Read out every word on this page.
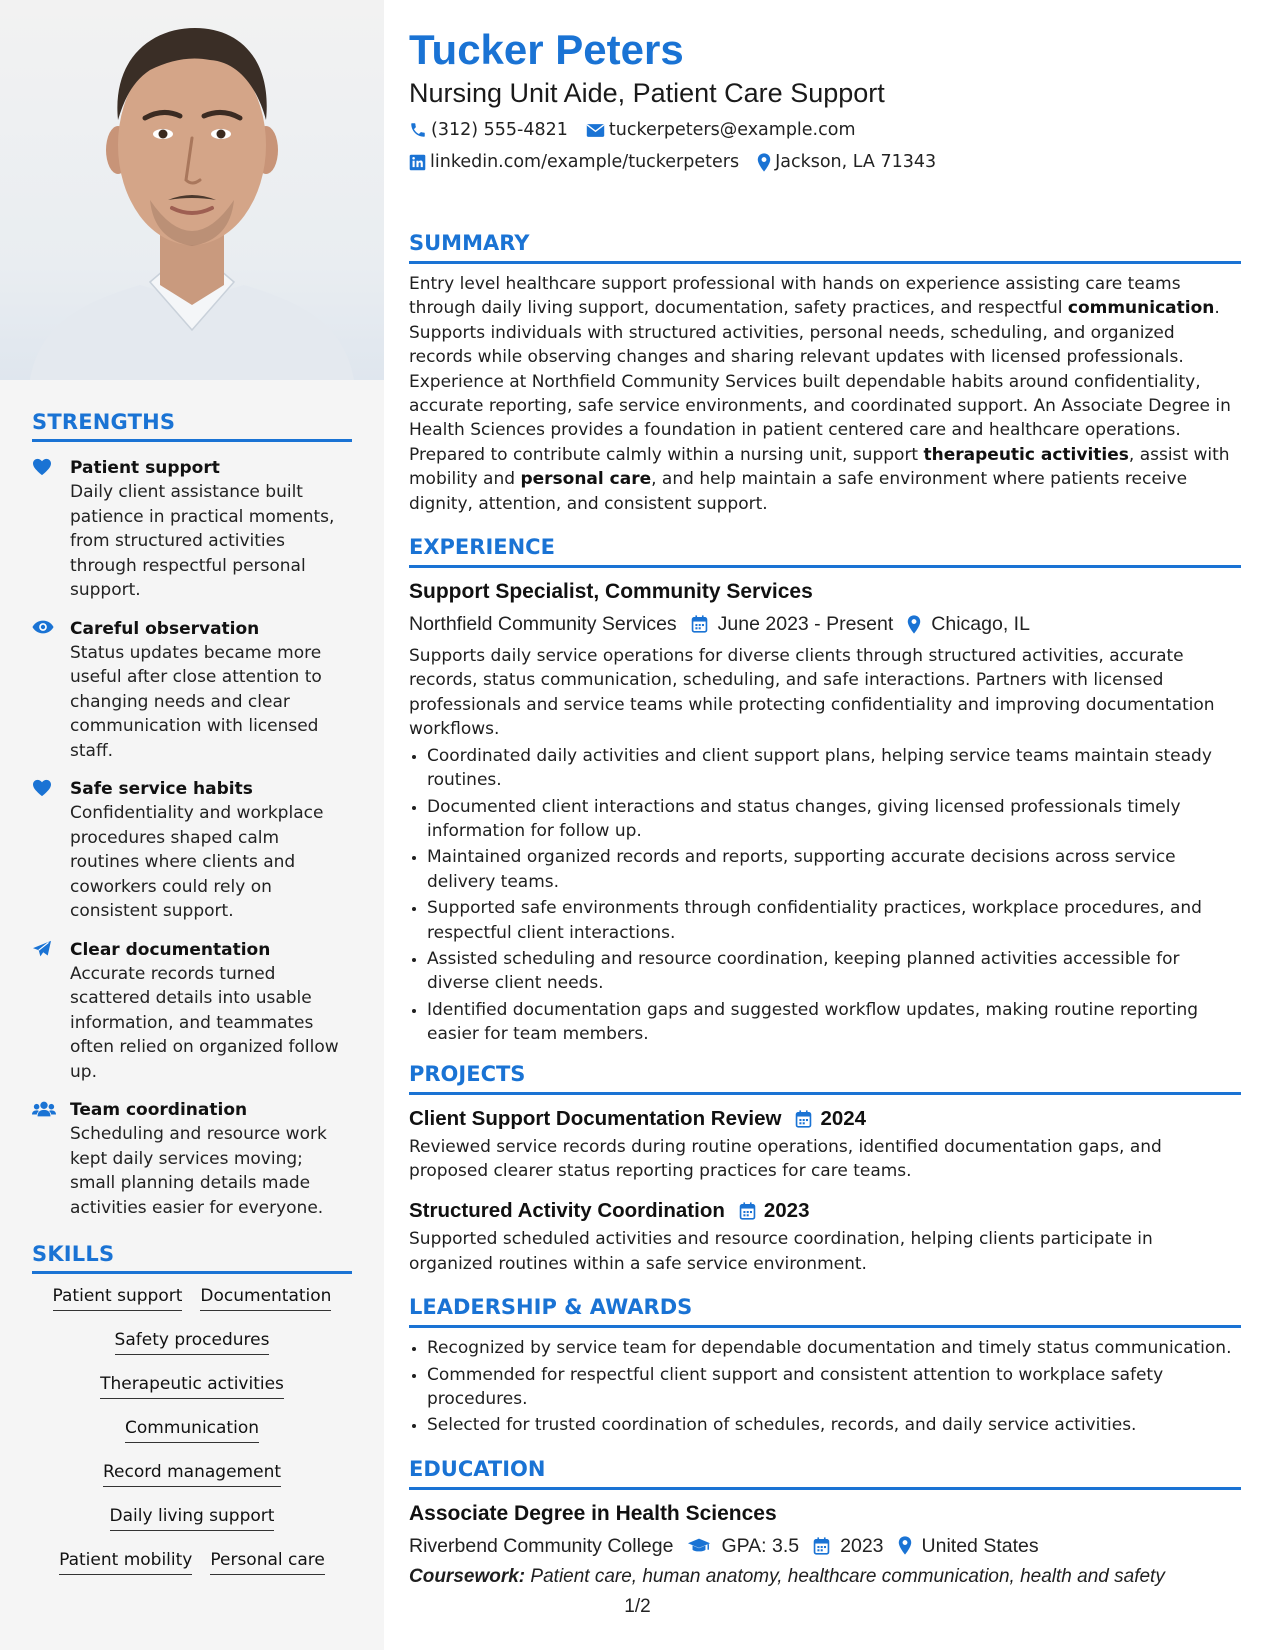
STRENGTHS
Patient support
Daily client assistance built patience in practical moments, from structured activities through respectful personal support.
Careful observation
Status updates became more useful after close attention to changing needs and clear communication with licensed staff.
Safe service habits
Confidentiality and workplace procedures shaped calm routines where clients and coworkers could rely on consistent support.
Clear documentation
Accurate records turned scattered details into usable information, and teammates often relied on organized follow up.
Team coordination
Scheduling and resource work kept daily services moving; small planning details made activities easier for everyone.
SKILLS
Patient support Documentation
Safety procedures
Therapeutic activities
Communication
Record management
Daily living support
Patient mobility Personal care
Tucker Peters
Nursing Unit Aide, Patient Care Support
(312) 555-4821 tuckerpeters@example.com
linkedin.com/example/tuckerpeters Jackson, LA 71343
SUMMARY

Entry level healthcare support professional with hands on experience assisting care teams through daily living support, documentation, safety practices, and respectful communication. Supports individuals with structured activities, personal needs, scheduling, and organized records while observing changes and sharing relevant updates with licensed professionals. Experience at Northfield Community Services built dependable habits around confidentiality, accurate reporting, safe service environments, and coordinated support. An Associate Degree in Health Sciences provides a foundation in patient centered care and healthcare operations. Prepared to contribute calmly within a nursing unit, support therapeutic activities, assist with mobility and personal care, and help maintain a safe environment where patients receive dignity, attention, and consistent support.

EXPERIENCE
Support Specialist, Community Services
Northfield Community Services June 2023 - Present Chicago, IL

Supports daily service operations for diverse clients through structured activities, accurate records, status communication, scheduling, and safe interactions. Partners with licensed professionals and service teams while protecting confidentiality and improving documentation workflows.

• Coordinated daily activities and client support plans, helping service teams maintain steady routines.
• Documented client interactions and status changes, giving licensed professionals timely information for follow up.
• Maintained organized records and reports, supporting accurate decisions across service delivery teams.
• Supported safe environments through confidentiality practices, workplace procedures, and respectful client interactions.
• Assisted scheduling and resource coordination, keeping planned activities accessible for diverse client needs.
• Identified documentation gaps and suggested workflow updates, making routine reporting easier for team members.
PROJECTS
Client Support Documentation Review 2024

Reviewed service records during routine operations, identified documentation gaps, and proposed clearer status reporting practices for care teams.

Structured Activity Coordination 2023

Supported scheduled activities and resource coordination, helping clients participate in organized routines within a safe service environment.

LEADERSHIP & AWARDS
• Recognized by service team for dependable documentation and timely status communication.
• Commended for respectful client support and consistent attention to workplace safety procedures.
• Selected for trusted coordination of schedules, records, and daily service activities.
EDUCATION
Associate Degree in Health Sciences
Riverbend Community College GPA: 3.5 2023 United States
Coursework: Patient care, human anatomy, healthcare communication, health and safety
1/2
